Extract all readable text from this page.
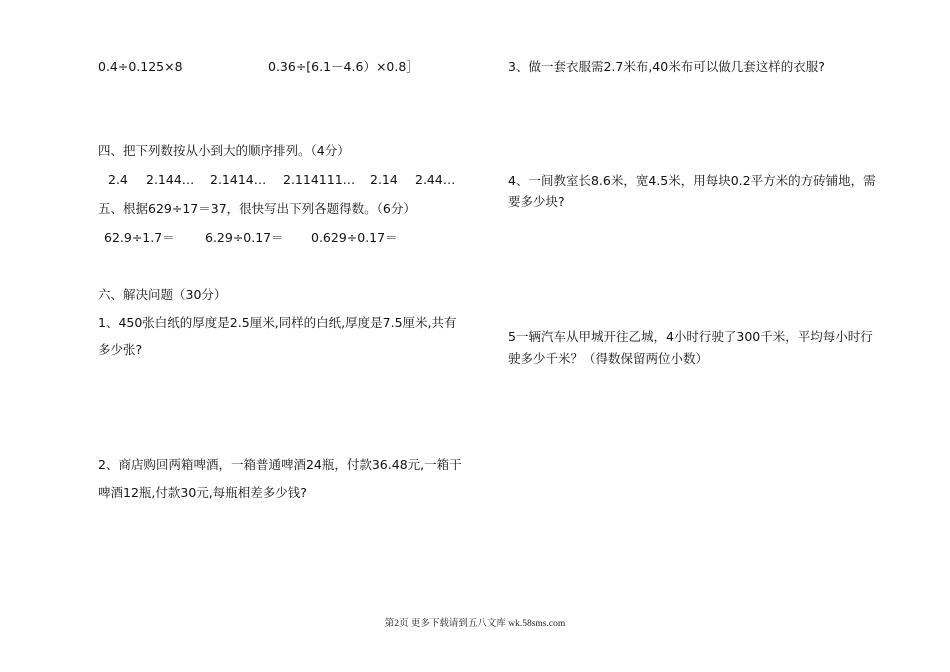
0.4÷0.125×8	0.36÷[6.1－4.6）×0.8］
四、把下列数按从小到大的顺序排列。（4分）
2.4 2.144… 2.1414… 2.114111… 2.14 2.44…
五、根据629÷17＝37，很快写出下列各题得数。（6分）
62.9÷1.7＝ 6.29÷0.17＝ 0.629÷0.17＝
六、解决问题（30分）
1、450张白纸的厚度是2.5厘米,同样的白纸,厚度是7.5厘米,共有
多少张?
2、商店购回两箱啤酒，一箱普通啤酒24瓶，付款36.48元,一箱干
啤酒12瓶,付款30元,每瓶相差多少钱?
3、做一套衣服需2.7米布,40米布可以做几套这样的衣服?
4、一间教室长8.6米，宽4.5米，用每块0.2平方米的方砖铺地，需
要多少块?
5一辆汽车从甲城开往乙城，4小时行驶了300千米，平均每小时行
驶多少千米？（得数保留两位小数）
第2页 更多下载请到五八文库 wk.58sms.com
